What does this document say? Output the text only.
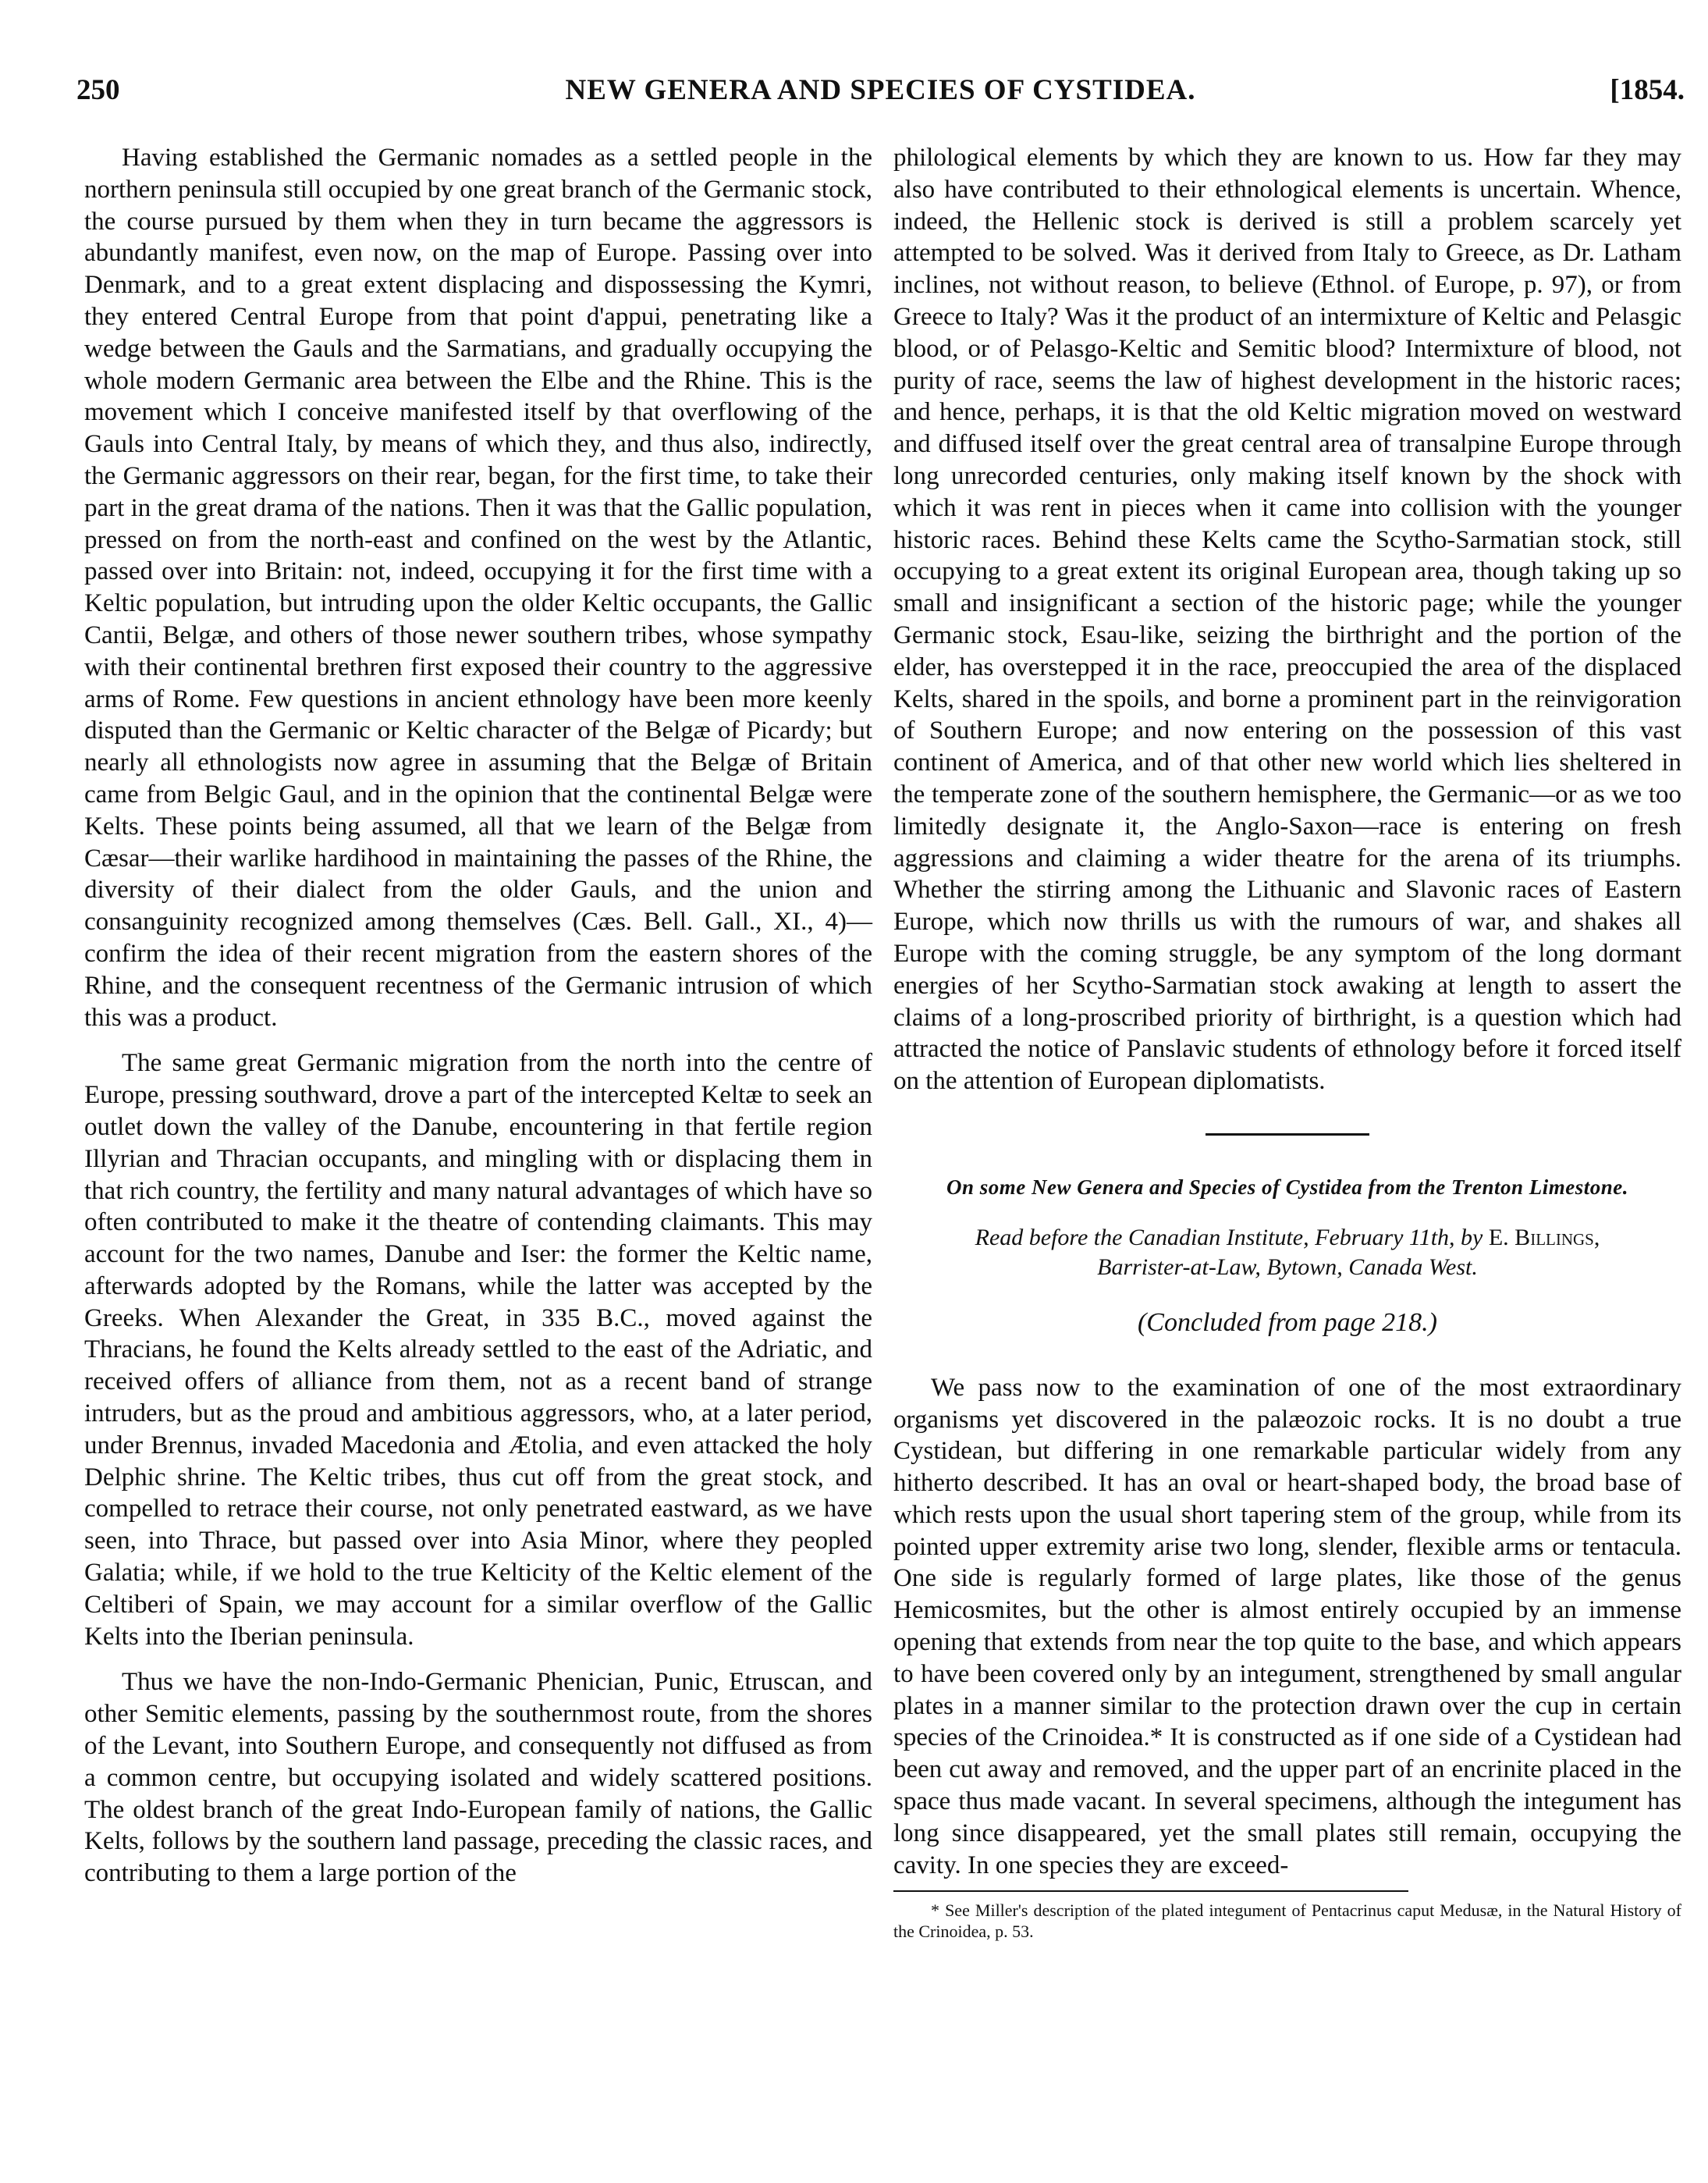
250	NEW GENERA AND SPECIES OF CYSTIDEA.	[1854.

Having established the Germanic nomades as a settled people in the northern peninsula still occupied by one great branch of the Germanic stock, the course pursued by them when they in turn became the aggressors is abundantly manifest, even now, on the map of Europe. Passing over into Denmark, and to a great extent displacing and dispossessing the Kymri, they entered Central Europe from that point d'appui, penetrating like a wedge between the Gauls and the Sarmatians, and gradually occupying the whole modern Germanic area between the Elbe and the Rhine. This is the movement which I conceive manifested itself by that overflowing of the Gauls into Central Italy, by means of which they, and thus also, indirectly, the Germanic aggressors on their rear, began, for the first time, to take their part in the great drama of the nations. Then it was that the Gallic population, pressed on from the north-east and confined on the west by the Atlantic, passed over into Britain: not, indeed, occupying it for the first time with a Keltic population, but intruding upon the older Keltic occupants, the Gallic Cantii, Belgæ, and others of those newer southern tribes, whose sympathy with their continental brethren first exposed their country to the aggressive arms of Rome. Few questions in ancient ethnology have been more keenly disputed than the Germanic or Keltic character of the Belgæ of Picardy; but nearly all ethnologists now agree in assuming that the Belgæ of Britain came from Belgic Gaul, and in the opinion that the continental Belgæ were Kelts. These points being assumed, all that we learn of the Belgæ from Cæsar—their warlike hardihood in maintaining the passes of the Rhine, the diversity of their dialect from the older Gauls, and the union and consanguinity recognized among themselves (Cæs. Bell. Gall., XI., 4)—confirm the idea of their recent migration from the eastern shores of the Rhine, and the consequent recentness of the Germanic intrusion of which this was a product.

The same great Germanic migration from the north into the centre of Europe, pressing southward, drove a part of the intercepted Keltæ to seek an outlet down the valley of the Danube, encountering in that fertile region Illyrian and Thracian occupants, and mingling with or displacing them in that rich country, the fertility and many natural advantages of which have so often contributed to make it the theatre of contending claimants. This may account for the two names, Danube and Iser: the former the Keltic name, afterwards adopted by the Romans, while the latter was accepted by the Greeks. When Alexander the Great, in 335 B.C., moved against the Thracians, he found the Kelts already settled to the east of the Adriatic, and received offers of alliance from them, not as a recent band of strange intruders, but as the proud and ambitious aggressors, who, at a later period, under Brennus, invaded Macedonia and Ætolia, and even attacked the holy Delphic shrine. The Keltic tribes, thus cut off from the great stock, and compelled to retrace their course, not only penetrated eastward, as we have seen, into Thrace, but passed over into Asia Minor, where they peopled Galatia; while, if we hold to the true Kelticity of the Keltic element of the Celtiberi of Spain, we may account for a similar overflow of the Gallic Kelts into the Iberian peninsula.

Thus we have the non-Indo-Germanic Phenician, Punic, Etruscan, and other Semitic elements, passing by the southernmost route, from the shores of the Levant, into Southern Europe, and consequently not diffused as from a common centre, but occupying isolated and widely scattered positions. The oldest branch of the great Indo-European family of nations, the Gallic Kelts, follows by the southern land passage, preceding the classic races, and contributing to them a large portion of the

philological elements by which they are known to us. How far they may also have contributed to their ethnological elements is uncertain. Whence, indeed, the Hellenic stock is derived is still a problem scarcely yet attempted to be solved. Was it derived from Italy to Greece, as Dr. Latham inclines, not without reason, to believe (Ethnol. of Europe, p. 97), or from Greece to Italy? Was it the product of an intermixture of Keltic and Pelasgic blood, or of Pelasgo-Keltic and Semitic blood? Intermixture of blood, not purity of race, seems the law of highest development in the historic races; and hence, perhaps, it is that the old Keltic migration moved on westward and diffused itself over the great central area of transalpine Europe through long unrecorded centuries, only making itself known by the shock with which it was rent in pieces when it came into collision with the younger historic races. Behind these Kelts came the Scytho-Sarmatian stock, still occupying to a great extent its original European area, though taking up so small and insignificant a section of the historic page; while the younger Germanic stock, Esau-like, seizing the birthright and the portion of the elder, has overstepped it in the race, preoccupied the area of the displaced Kelts, shared in the spoils, and borne a prominent part in the reinvigoration of Southern Europe; and now entering on the possession of this vast continent of America, and of that other new world which lies sheltered in the temperate zone of the southern hemisphere, the Germanic—or as we too limitedly designate it, the Anglo-Saxon—race is entering on fresh aggressions and claiming a wider theatre for the arena of its triumphs. Whether the stirring among the Lithuanic and Slavonic races of Eastern Europe, which now thrills us with the rumours of war, and shakes all Europe with the coming struggle, be any symptom of the long dormant energies of her Scytho-Sarmatian stock awaking at length to assert the claims of a long-proscribed priority of birthright, is a question which had attracted the notice of Panslavic students of ethnology before it forced itself on the attention of European diplomatists.

On some New Genera and Species of Cystidea from the Trenton Limestone.
Read before the Canadian Institute, February 11th, by E. Billings,
Barrister-at-Law, Bytown, Canada West.
(Concluded from page 218.)

We pass now to the examination of one of the most extraordinary organisms yet discovered in the palæozoic rocks. It is no doubt a true Cystidean, but differing in one remarkable particular widely from any hitherto described. It has an oval or heart-shaped body, the broad base of which rests upon the usual short tapering stem of the group, while from its pointed upper extremity arise two long, slender, flexible arms or tentacula. One side is regularly formed of large plates, like those of the genus Hemicosmites, but the other is almost entirely occupied by an immense opening that extends from near the top quite to the base, and which appears to have been covered only by an integument, strengthened by small angular plates in a manner similar to the protection drawn over the cup in certain species of the Crinoidea.* It is constructed as if one side of a Cystidean had been cut away and removed, and the upper part of an encrinite placed in the space thus made vacant. In several specimens, although the integument has long since disappeared, yet the small plates still remain, occupying the cavity. In one species they are exceed-

* See Miller's description of the plated integument of Pentacrinus caput Medusæ, in the Natural History of the Crinoidea, p. 53.
